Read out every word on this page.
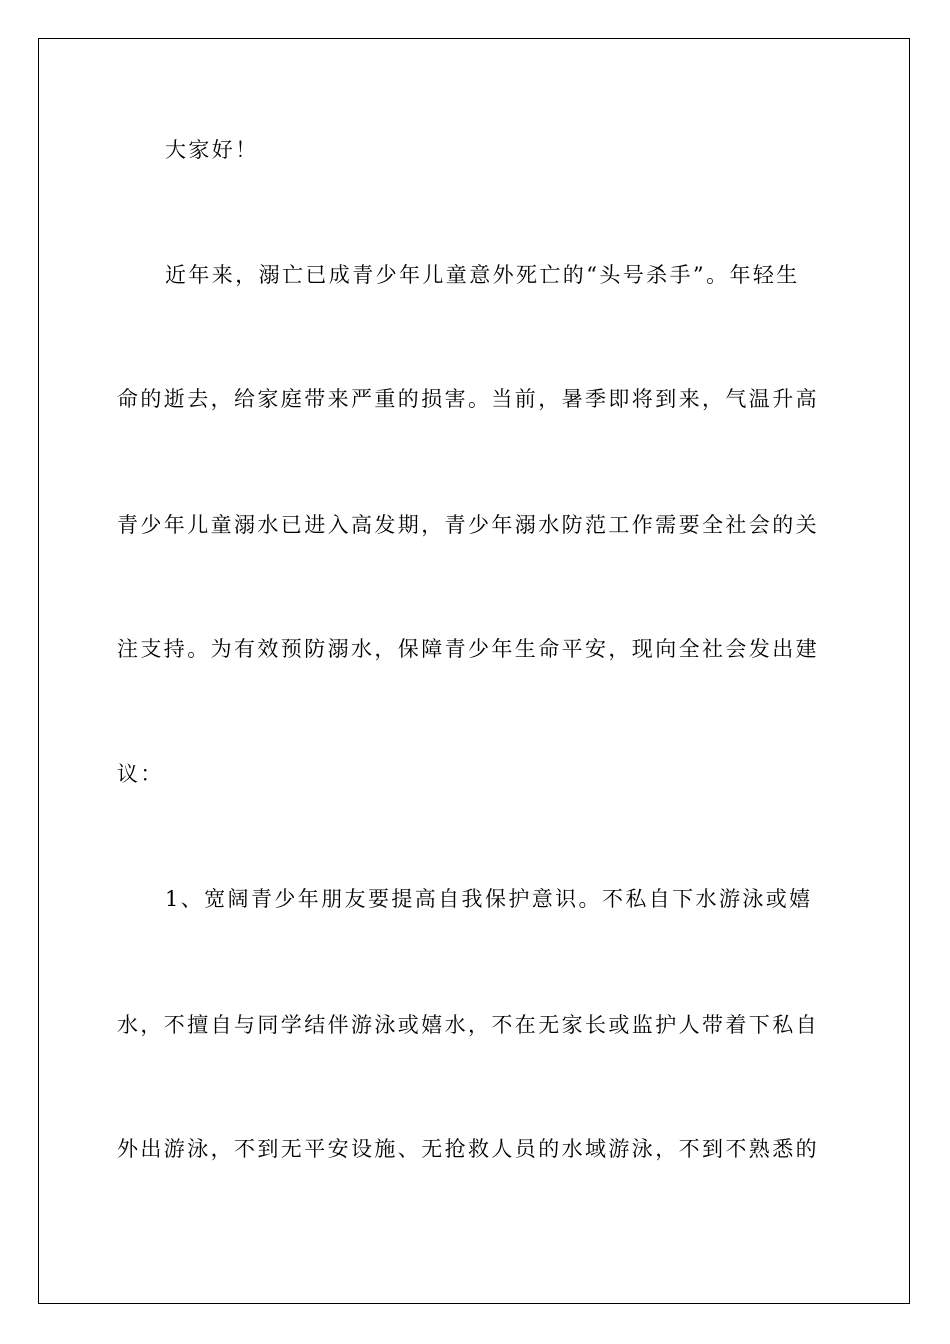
大家好！
近年来，溺亡已成青少年儿童意外死亡的“头号杀手”。年轻生
命的逝去，给家庭带来严重的损害。当前，暑季即将到来，气温升高
青少年儿童溺水已进入高发期，青少年溺水防范工作需要全社会的关
注支持。为有效预防溺水，保障青少年生命平安，现向全社会发出建
议：
1、宽阔青少年朋友要提高自我保护意识。不私自下水游泳或嬉
水，不擅自与同学结伴游泳或嬉水，不在无家长或监护人带着下私自
外出游泳，不到无平安设施、无抢救人员的水域游泳，不到不熟悉的
